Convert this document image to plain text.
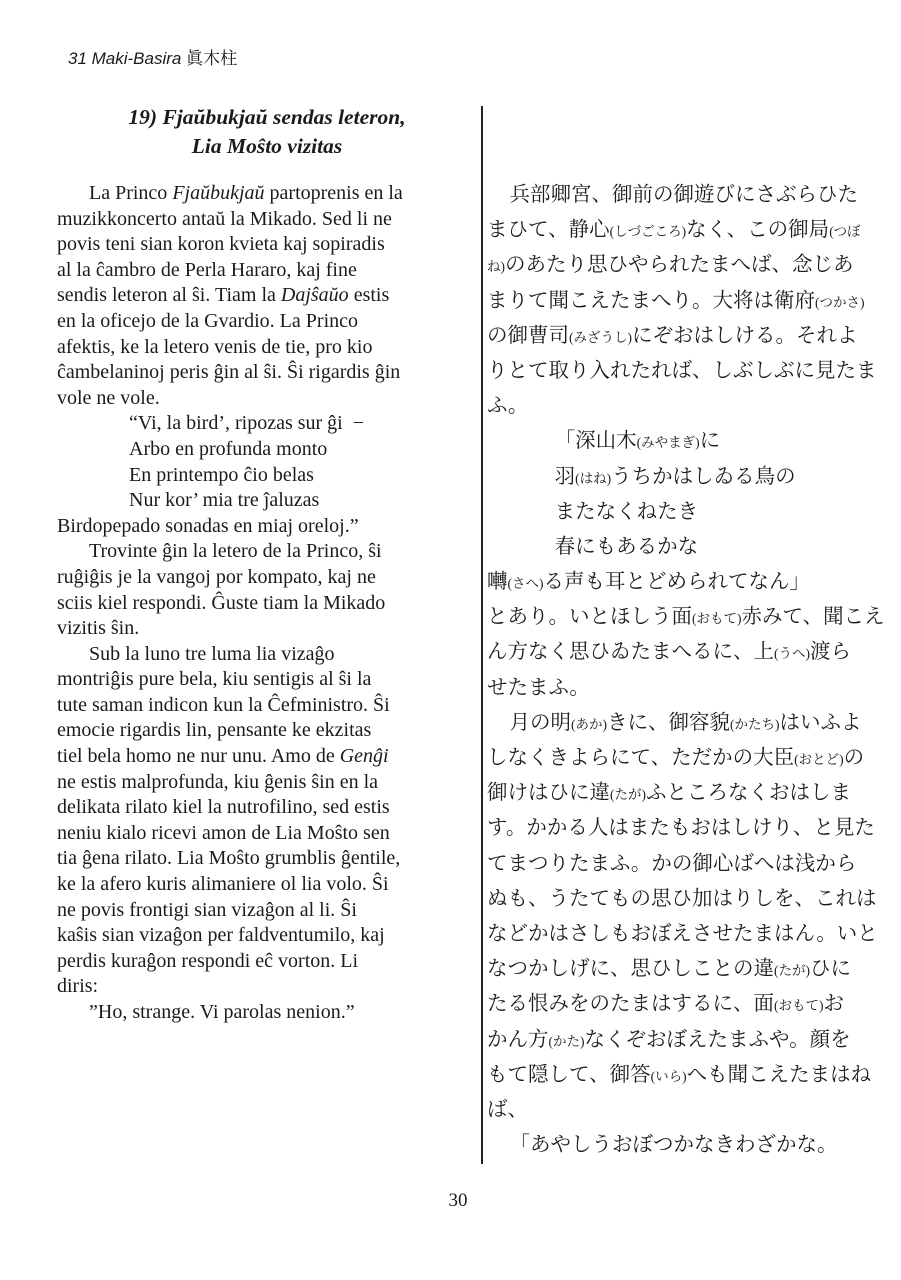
31 Maki-Basira 眞木柱
19) Fjaŭbukjaŭ sendas leteron,
Lia Moŝto vizitas
La Princo Fjaŭbukjaŭ partoprenis en la
muzikkoncerto antaŭ la Mikado. Sed li ne
povis teni sian koron kvieta kaj sopiradis
al la ĉambro de Perla Hararo, kaj fine
sendis leteron al ŝi. Tiam la Dajŝaŭo estis
en la oficejo de la Gvardio. La Princo
afektis, ke la letero venis de tie, pro kio
ĉambelaninoj peris ĝin al ŝi. Ŝi rigardis ĝin
vole ne vole.
“Vi, la bird’, ripozas sur ĝi −
Arbo en profunda monto
En printempo ĉio belas
Nur kor’ mia tre ĵaluzas
Birdopepado sonadas en miaj oreloj.”
Trovinte ĝin la letero de la Princo, ŝi
ruĝiĝis je la vangoj por kompato, kaj ne
sciis kiel respondi. Ĝuste tiam la Mikado
vizitis ŝin.
Sub la luno tre luma lia vizaĝo
montriĝis pure bela, kiu sentigis al ŝi la
tute saman indicon kun la Ĉefministro. Ŝi
emocie rigardis lin, pensante ke ekzitas
tiel bela homo ne nur unu. Amo de Genĝi
ne estis malprofunda, kiu ĝenis ŝin en la
delikata rilato kiel la nutrofilino, sed estis
neniu kialo ricevi amon de Lia Moŝto sen
tia ĝena rilato. Lia Moŝto grumblis ĝentile,
ke la afero kuris alimaniere ol lia volo. Ŝi
ne povis frontigi sian vizaĝon al li. Ŝi
kaŝis sian vizaĝon per faldventumilo, kaj
perdis kuraĝon respondi eĉ vorton. Li
diris:
”Ho, strange. Vi parolas nenion.”
兵部卿宮、御前の御遊びにさぶらひた
まひて、静心(しづごころ)なく、この御局(つぼ
ね)のあたり思ひやられたまへば、念じあ
まりて聞こえたまへり。大将は衛府(つかさ)
の御曹司(みざうし)にぞおはしける。それよ
りとて取り入れたれば、しぶしぶに見たま
ふ。
「深山木(みやまぎ)に
羽(はね)うちかはしゐる鳥の
またなくねたき
春にもあるかな
囀(さへ)る声も耳とどめられてなん」
とあり。いとほしう面(おもて)赤みて、聞こえ
ん方なく思ひゐたまへるに、上(うへ)渡ら
せたまふ。
月の明(あか)きに、御容貌(かたち)はいふよ
しなくきよらにて、ただかの大臣(おとど)の
御けはひに違(たが)ふところなくおはしま
す。かかる人はまたもおはしけり、と見た
てまつりたまふ。かの御心ばへは浅から
ぬも、うたてもの思ひ加はりしを、これは
などかはさしもおぼえさせたまはん。いと
なつかしげに、思ひしことの違(たが)ひに
たる恨みをのたまはするに、面(おもて)お
かん方(かた)なくぞおぼえたまふや。顔を
もて隠して、御答(いら)へも聞こえたまはね
ば、
「あやしうおぼつかなきわざかな。
30
